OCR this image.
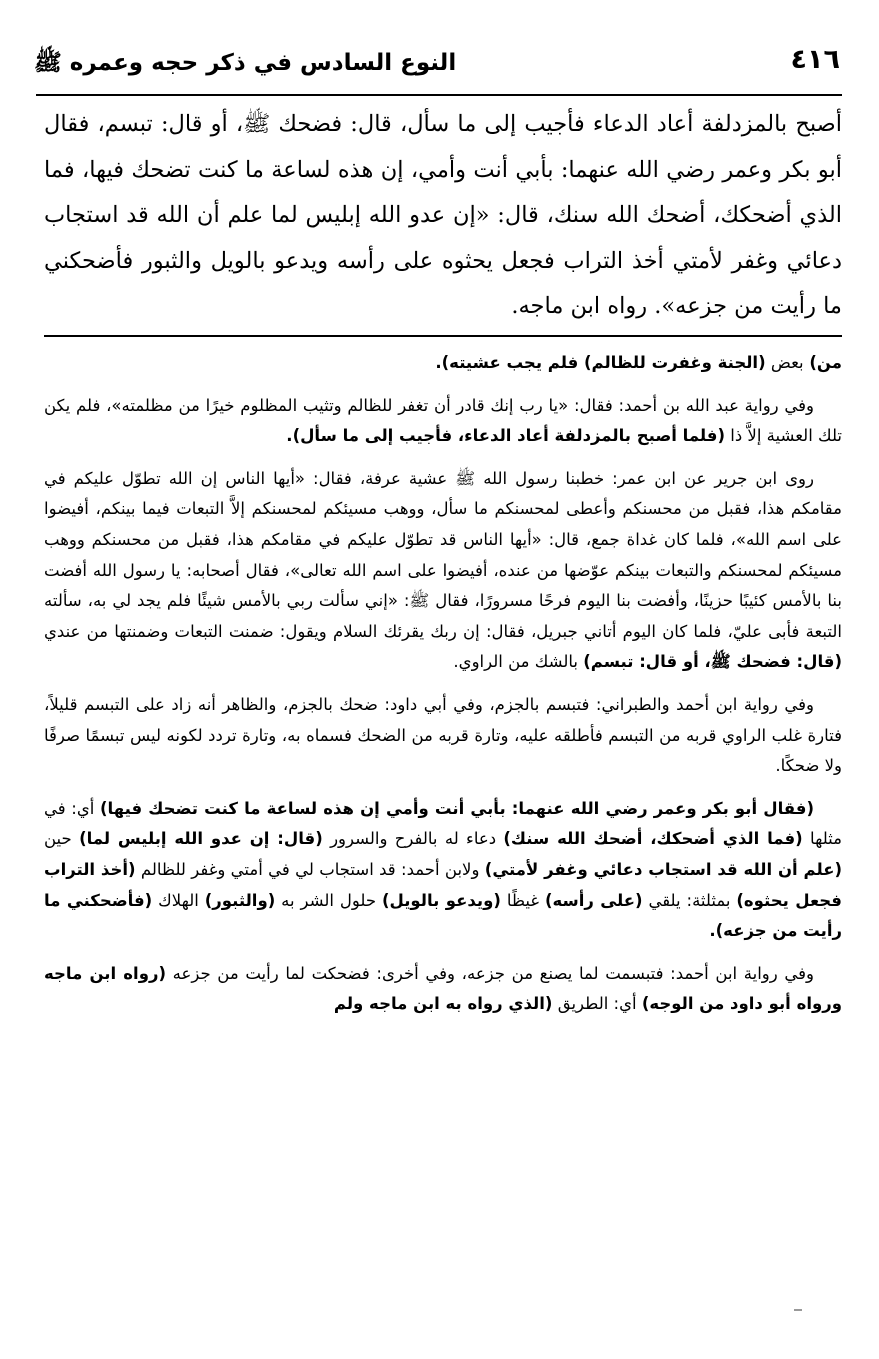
٤١٦
النوع السادس في ذكر حجه وعمره ﷺ
أصبح بالمزدلفة أعاد الدعاء فأجيب إلى ما سأل، قال: فضحك ﷺ، أو قال: تبسم، فقال أبو بكر وعمر رضي الله عنهما: بأبي أنت وأمي، إن هذه لساعة ما كنت تضحك فيها، فما الذي أضحكك، أضحك الله سنك، قال: «إن عدو الله إبليس لما علم أن الله قد استجاب دعائي وغفر لأمتي أخذ التراب فجعل يحثوه على رأسه ويدعو بالويل والثبور فأضحكني ما رأيت من جزعه». رواه ابن ماجه.

من) بعض (الجنة وغفرت للظالم) فلم يجب عشيته).

وفي رواية عبد الله بن أحمد: فقال: «يا رب إنك قادر أن تغفر للظالم وتثيب المظلوم خيرًا من مظلمته»، فلم يكن تلك العشية إلاَّ ذا (فلما أصبح بالمزدلفة أعاد الدعاء، فأجيب إلى ما سأل).

روى ابن جرير عن ابن عمر: خطبنا رسول الله ﷺ عشية عرفة، فقال: «أيها الناس إن الله تطوّل عليكم في مقامكم هذا، فقبل من محسنكم وأعطى لمحسنكم ما سأل، ووهب مسيئكم لمحسنكم إلاَّ التبعات فيما بينكم، أفيضوا على اسم الله»، فلما كان غداة جمع، قال: «أيها الناس قد تطوّل عليكم في مقامكم هذا، فقبل من محسنكم ووهب مسيئكم لمحسنكم والتبعات بينكم عوّضها من عنده، أفيضوا على اسم الله تعالى»، فقال أصحابه: يا رسول الله أفضت بنا بالأمس كئيبًا حزينًا، وأفضت بنا اليوم فرحًا مسرورًا، فقال ﷺ: «إني سألت ربي بالأمس شيئًا فلم يجد لي به، سألته التبعة فأبى عليّ، فلما كان اليوم أتاني جبريل، فقال: إن ربك يقرئك السلام ويقول: ضمنت التبعات وضمنتها من عندي (قال: فضحك ﷺ، أو قال: تبسم) بالشك من الراوي.

وفي رواية ابن أحمد والطبراني: فتبسم بالجزم، وفي أبي داود: ضحك بالجزم، والظاهر أنه زاد على التبسم قليلاً، فتارة غلب الراوي قربه من التبسم فأطلقه عليه، وتارة قربه من الضحك فسماه به، وتارة تردد لكونه ليس تبسمًا صرفًا ولا ضحكًا.

(فقال أبو بكر وعمر رضي الله عنهما: بأبي أنت وأمي إن هذه لساعة ما كنت تضحك فيها) أي: في مثلها (فما الذي أضحكك، أضحك الله سنك) دعاء له بالفرح والسرور (قال: إن عدو الله إبليس لما) حين (علم أن الله قد استجاب دعائي وغفر لأمتي) ولابن أحمد: قد استجاب لي في أمتي وغفر للظالم (أخذ التراب فجعل يحثوه) بمثلثة: يلقي (على رأسه) غيظًا (ويدعو بالويل) حلول الشر به (والثبور) الهلاك (فأضحكني ما رأيت من جزعه).

وفي رواية ابن أحمد: فتبسمت لما يصنع من جزعه، وفي أخرى: فضحكت لما رأيت من جزعه (رواه ابن ماجه ورواه أبو داود من الوجه) أي: الطريق (الذي رواه به ابن ماجه ولم
